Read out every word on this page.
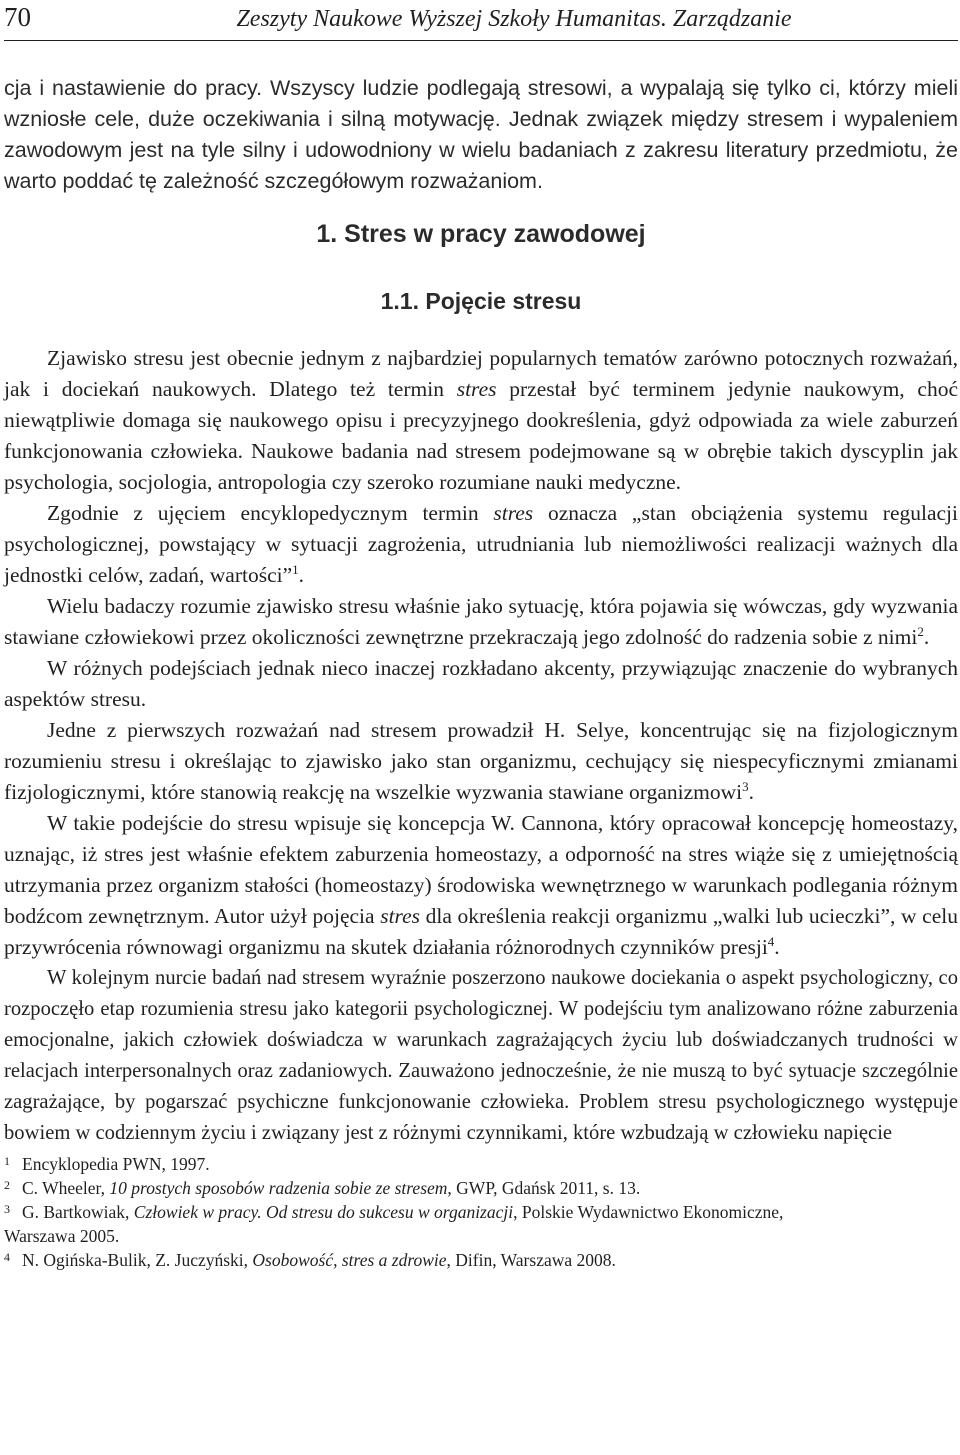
70	Zeszyty Naukowe Wyższej Szkoły Humanitas. Zarządzanie

cja i nastawienie do pracy. Wszyscy ludzie podlegają stresowi, a wypalają się tylko ci, którzy mieli wzniosłe cele, duże oczekiwania i silną motywację. Jednak związek między stresem i wypaleniem zawodowym jest na tyle silny i udowodniony w wielu badaniach z zakresu literatury przedmiotu, że warto poddać tę zależność szczegółowym rozważaniom.

1. Stres w pracy zawodowej
1.1. Pojęcie stresu

Zjawisko stresu jest obecnie jednym z najbardziej popularnych tematów zarówno potocznych rozważań, jak i dociekań naukowych. Dlatego też termin stres przestał być terminem jedynie naukowym, choć niewątpliwie domaga się naukowego opisu i precyzyjnego dookreślenia, gdyż odpowiada za wiele zaburzeń funkcjonowania człowieka. Naukowe badania nad stresem podejmowane są w obrębie takich dyscyplin jak psychologia, socjologia, antropologia czy szeroko rozumiane nauki medyczne.

Zgodnie z ujęciem encyklopedycznym termin stres oznacza „stan obciążenia systemu regulacji psychologicznej, powstający w sytuacji zagrożenia, utrudniania lub niemożliwości realizacji ważnych dla jednostki celów, zadań, wartości”$^1$.

Wielu badaczy rozumie zjawisko stresu właśnie jako sytuację, która pojawia się wówczas, gdy wyzwania stawiane człowiekowi przez okoliczności zewnętrzne przekraczają jego zdolność do radzenia sobie z nimi$^2$.

W różnych podejściach jednak nieco inaczej rozkładano akcenty, przywiązując znaczenie do wybranych aspektów stresu.

Jedne z pierwszych rozważań nad stresem prowadził H. Selye, koncentrując się na fizjologicznym rozumieniu stresu i określając to zjawisko jako stan organizmu, cechujący się niespecyficznymi zmianami fizjologicznymi, które stanowią reakcję na wszelkie wyzwania stawiane organizmowi$^3$.

W takie podejście do stresu wpisuje się koncepcja W. Cannona, który opracował koncepcję homeostazy, uznając, iż stres jest właśnie efektem zaburzenia homeostazy, a odporność na stres wiąże się z umiejętnością utrzymania przez organizm stałości (homeostazy) środowiska wewnętrznego w warunkach podlegania różnym bodźcom zewnętrznym. Autor użył pojęcia stres dla określenia reakcji organizmu „walki lub ucieczki”, w celu przywrócenia równowagi organizmu na skutek działania różnorodnych czynników presji$^4$.

W kolejnym nurcie badań nad stresem wyraźnie poszerzono naukowe dociekania o aspekt psychologiczny, co rozpoczęło etap rozumienia stresu jako kategorii psychologicznej. W podejściu tym analizowano różne zaburzenia emocjonalne, jakich człowiek doświadcza w warunkach zagrażających życiu lub doświadczanych trudności w relacjach interpersonalnych oraz zadaniowych. Zauważono jednocześnie, że nie muszą to być sytuacje szczególnie zagrażające, by pogarszać psychiczne funkcjonowanie człowieka. Problem stresu psychologicznego występuje bowiem w codziennym życiu i związany jest z różnymi czynnikami, które wzbudzają w człowieku napięcie

1 Encyklopedia PWN, 1997.
2 C. Wheeler, 10 prostych sposobów radzenia sobie ze stresem, GWP, Gdańsk 2011, s. 13.
3 G. Bartkowiak, Człowiek w pracy. Od stresu do sukcesu w organizacji, Polskie Wydawnictwo Ekonomiczne,
Warszawa 2005.
4 N. Ogińska-Bulik, Z. Juczyński, Osobowość, stres a zdrowie, Difin, Warszawa 2008.
